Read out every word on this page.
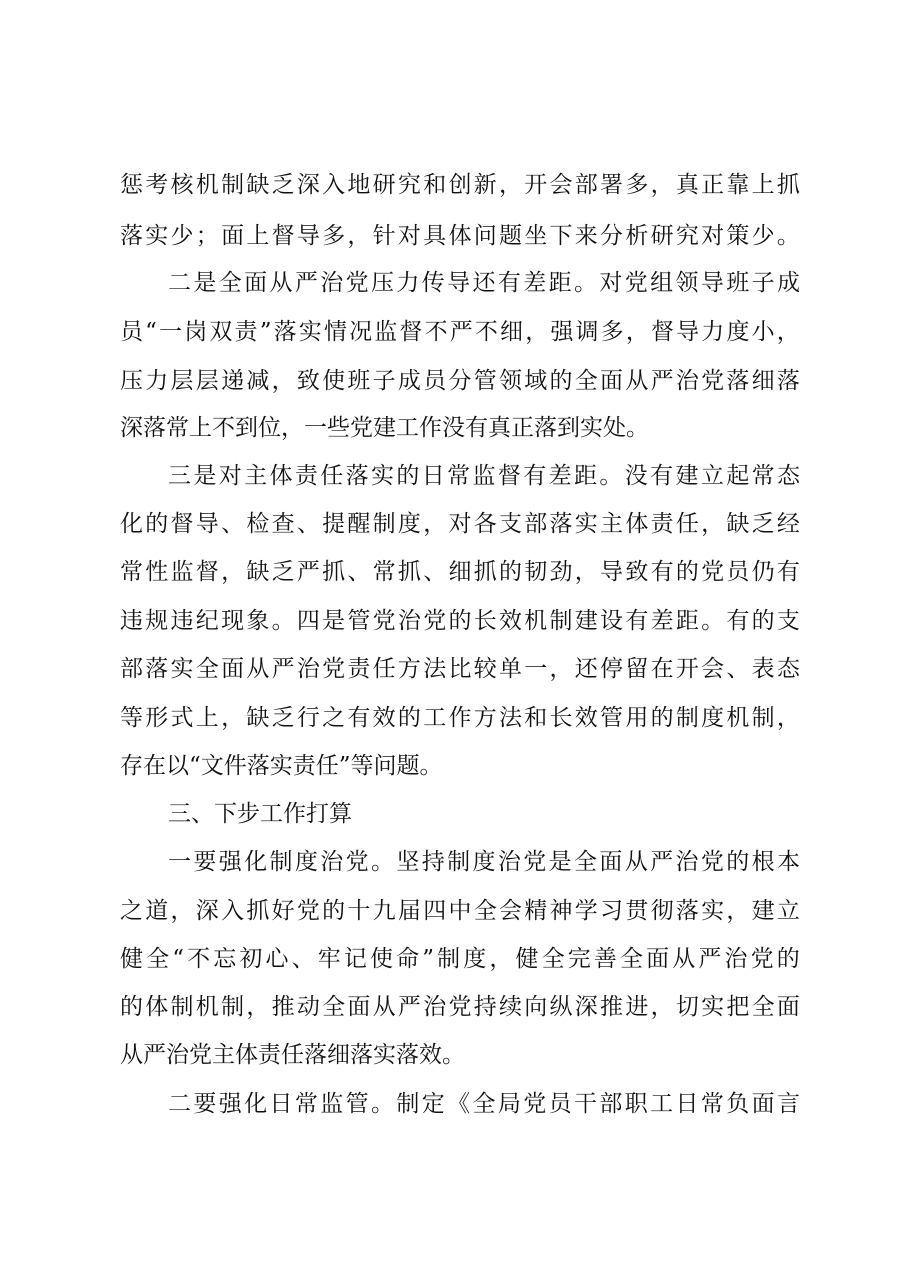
惩 考 核 机 制 缺 乏 深 入 地 研 究 和 创 新 ， 开 会 部 署 多 ， 真 正 靠 上 抓
落 实 少 ； 面 上 督 导 多 ， 针 对 具 体 问 题 坐 下 来 分 析 研 究 对 策 少 。
二 是 全 面 从 严 治 党 压 力 传 导 还 有 差 距 。 对 党 组 领 导 班 子 成
员 “ 一 岗 双 责 ” 落 实 情 况 监 督 不 严 不 细 ， 强 调 多 ， 督 导 力 度 小 ，
压 力 层 层 递 减 ， 致 使 班 子 成 员 分 管 领 域 的 全 面 从 严 治 党 落 细 落
深落常上不到位，一些党建工作没有真正落到实处。
三 是 对 主 体 责 任 落 实 的 日 常 监 督 有 差 距 。 没 有 建 立 起 常 态
化 的 督 导 、 检 查 、 提 醒 制 度 ， 对 各 支 部 落 实 主 体 责 任 ， 缺 乏 经
常 性 监 督 ， 缺 乏 严 抓 、 常 抓 、 细 抓 的 韧 劲 ， 导 致 有 的 党 员 仍 有
违 规 违 纪 现 象 。 四 是 管 党 治 党 的 长 效 机 制 建 设 有 差 距 。 有 的 支
部 落 实 全 面 从 严 治 党 责 任 方 法 比 较 单 一 ， 还 停 留 在 开 会 、 表 态
等 形 式 上 ， 缺 乏 行 之 有 效 的 工 作 方 法 和 长 效 管 用 的 制 度 机 制 ，
存在以“文件落实责任”等问题。
三、下步工作打算
一 要 强 化 制 度 治 党 。 坚 持 制 度 治 党 是 全 面 从 严 治 党 的 根 本
之 道 ， 深 入 抓 好 党 的 十 九 届 四 中 全 会 精 神 学 习 贯 彻 落 实 ， 建 立
健 全 “ 不 忘 初 心 、 牢 记 使 命 ” 制 度 ， 健 全 完 善 全 面 从 严 治 党 的
的 体 制 机 制 ， 推 动 全 面 从 严 治 党 持 续 向 纵 深 推 进 ， 切 实 把 全 面
从严治党主体责任落细落实落效。
二 要 强 化 日 常 监 管 。 制 定 《 全 局 党 员 干 部 职 工 日 常 负 面 言
